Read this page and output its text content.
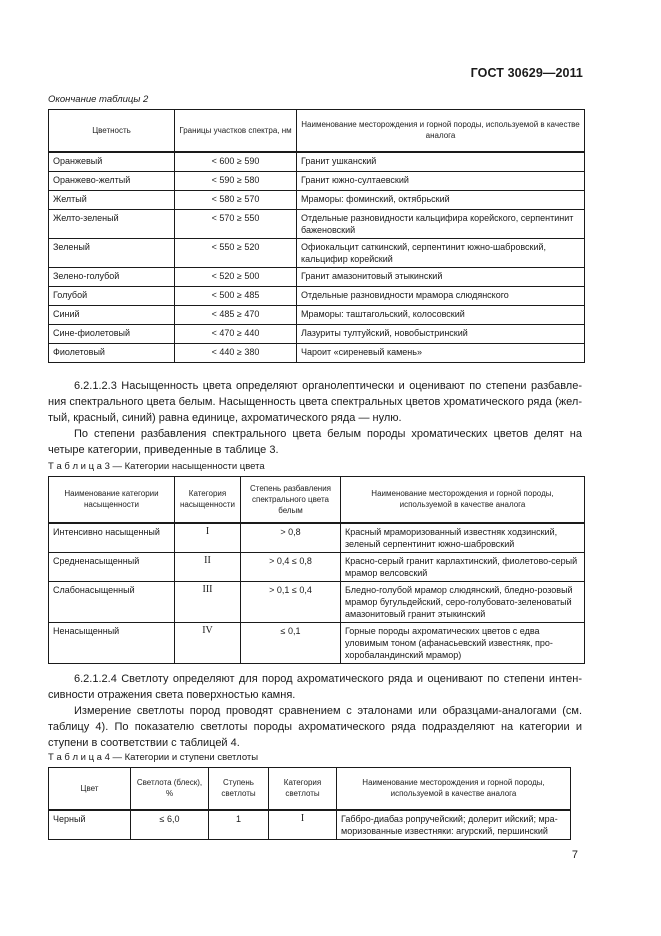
ГОСТ 30629—2011
Окончание таблицы 2
Цветность	Границы участков спектра, нм	Наименование месторождения и горной породы, используемой в качестве аналога
Оранжевый	< 600 ≥ 590	Гранит ушканский
Оранжево-желтый	< 590 ≥ 580	Гранит южно-султаевский
Желтый	< 580 ≥ 570	Мраморы: фоминский, октябрьский
Желто-зеленый	< 570 ≥ 550	Отдельные разновидности кальцифира корейского, серпентинит баженовский
Зеленый	< 550 ≥ 520	Офиокальцит саткинский, серпентинит южно-шабровский, кальцифир корейский
Зелено-голубой	< 520 ≥ 500	Гранит амазонитовый этыкинский
Голубой	< 500 ≥ 485	Отдельные разновидности мрамора слюдянского
Синий	< 485 ≥ 470	Мраморы: таштагольский, колосовский
Сине-фиолетовый	< 470 ≥ 440	Лазуриты тултуйский, новобыстринский
Фиолетовый	< 440 ≥ 380	Чароит «сиреневый камень»

6.2.1.2.3 Насыщенность цвета определяют органолептически и оценивают по степени разбавления спектрального цвета белым. Насыщенность цвета спектральных цветов хроматического ряда (желтый, красный, синий) равна единице, ахроматического ряда — нулю.

По степени разбавления спектрального цвета белым породы хроматических цветов делят на четыре категории, приведенные в таблице 3.

Т а б л и ц а 3 — Категории насыщенности цвета
Наименование категории насыщенности	Категория насыщенности	Степень разбавления спектрального цвета белым	Наименование месторождения и горной породы, используемой в качестве аналога
Интенсивно насыщенный	I	> 0,8	Красный мраморизованный известняк ходзинский, зеленый серпентинит южно-шабровский
Средненасыщенный	II	> 0,4 ≤ 0,8	Красно-серый гранит карлахтинский, фиолетово-серый мрамор велсовский
Слабонасыщенный	III	> 0,1 ≤ 0,4	Бледно-голубой мрамор слюдянский, бледно-розовый мрамор бугульдейский, серо-голубовато-зеленоватый амазонитовый гранит этыкинский
Ненасыщенный	IV	≤ 0,1	Горные породы ахроматических цветов с едва уловимым тоном (афанасьевский известняк, прохоробаландинский мрамор)

6.2.1.2.4 Светлоту определяют для пород ахроматического ряда и оценивают по степени интенсивности отражения света поверхностью камня.

Измерение светлоты пород проводят сравнением с эталонами или образцами-аналогами (см. таблицу 4). По показателю светлоты породы ахроматического ряда подразделяют на категории и ступени в соответствии с таблицей 4.

Т а б л и ц а 4 — Категории и ступени светлоты
Цвет	Светлота (блеск), %	Ступень светлоты	Категория светлоты	Наименование месторождения и горной породы, используемой в качестве аналога
Черный	≤ 6,0	1	I	Габбро-диабаз ропручейский; долерит ийский; мраморизованные известняки: агурский, першинский
7
